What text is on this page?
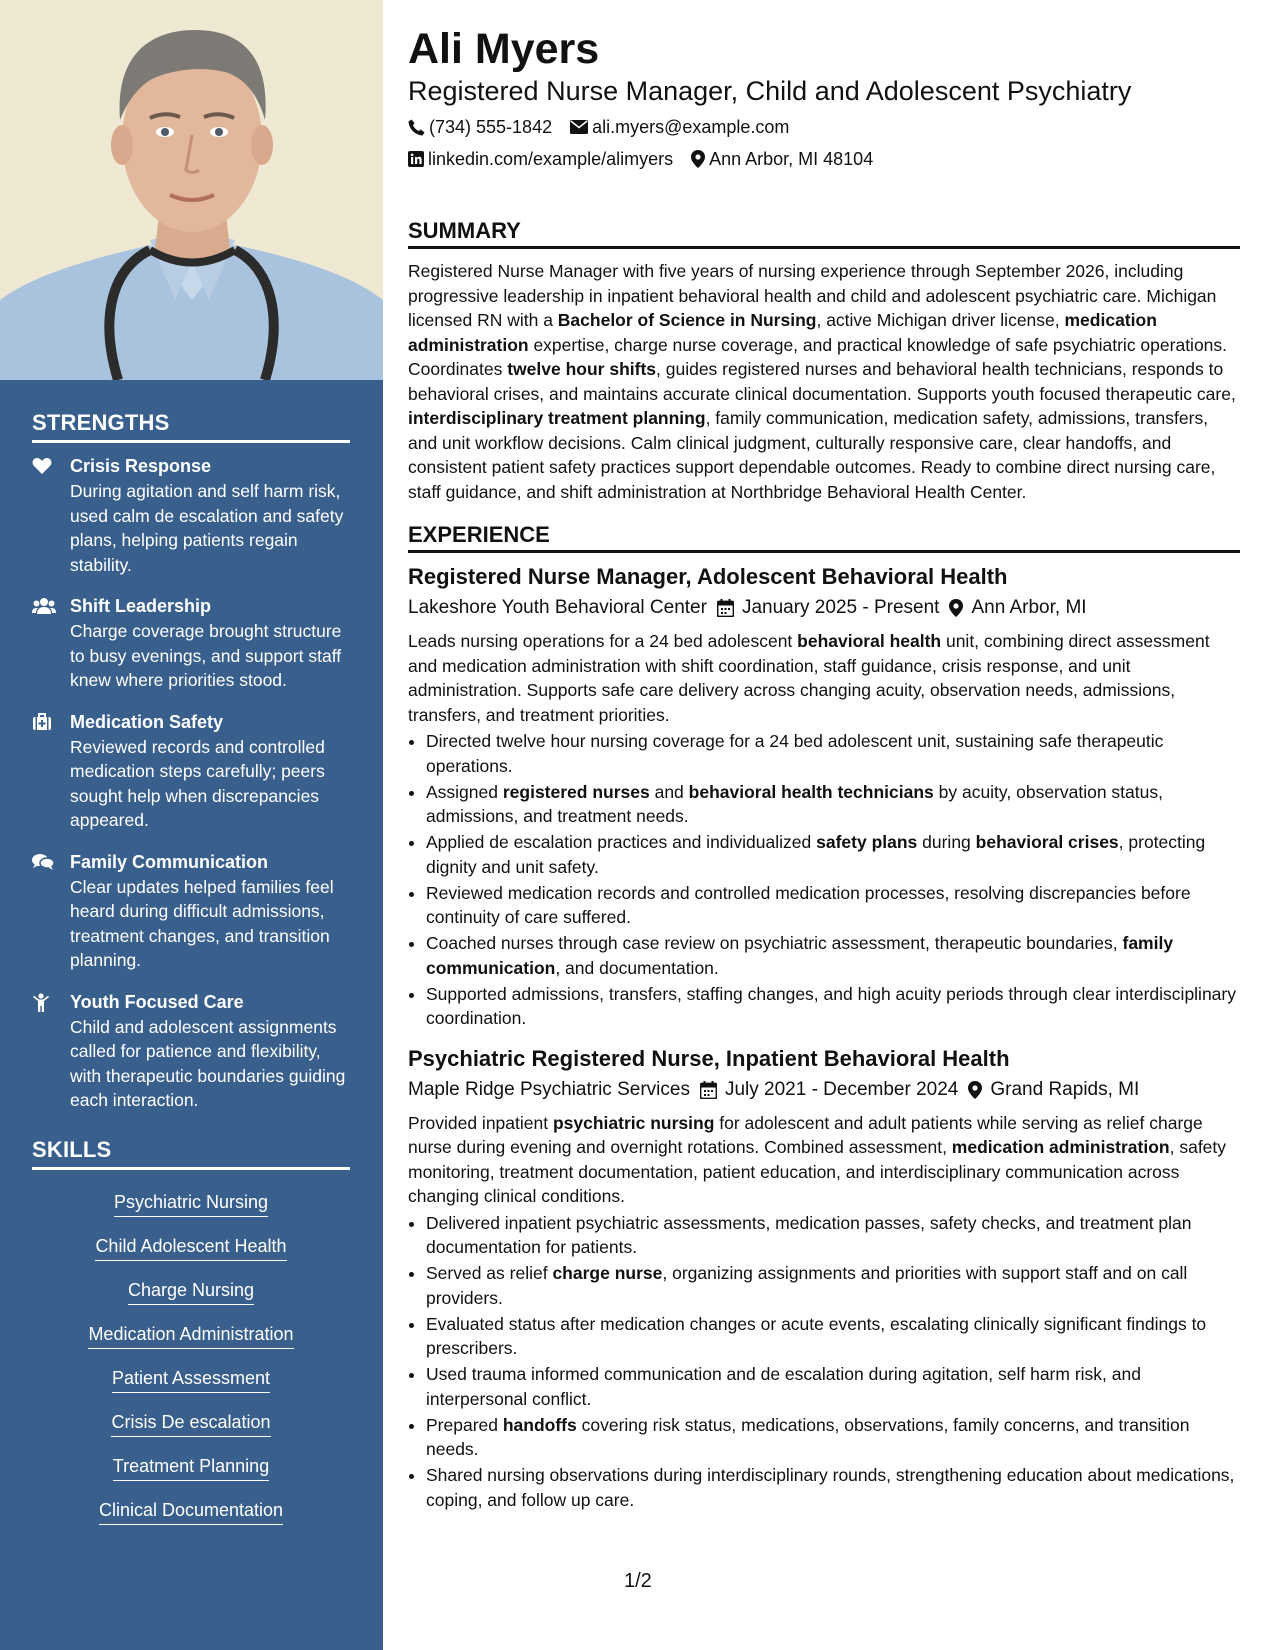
STRENGTHS
Crisis Response
During agitation and self harm risk, used calm de escalation and safety plans, helping patients regain stability.
Shift Leadership
Charge coverage brought structure to busy evenings, and support staff knew where priorities stood.
Medication Safety
Reviewed records and controlled medication steps carefully; peers sought help when discrepancies appeared.
Family Communication
Clear updates helped families feel heard during difficult admissions, treatment changes, and transition planning.
Youth Focused Care
Child and adolescent assignments called for patience and flexibility, with therapeutic boundaries guiding each interaction.
SKILLS
Psychiatric Nursing
Child Adolescent Health
Charge Nursing
Medication Administration
Patient Assessment
Crisis De escalation
Treatment Planning
Clinical Documentation
Ali Myers
Registered Nurse Manager, Child and Adolescent Psychiatry
(734) 555-1842 ali.myers@example.com
linkedin.com/example/alimyers Ann Arbor, MI 48104
SUMMARY

Registered Nurse Manager with five years of nursing experience through September 2026, including progressive leadership in inpatient behavioral health and child and adolescent psychiatric care. Michigan licensed RN with a Bachelor of Science in Nursing, active Michigan driver license, medication administration expertise, charge nurse coverage, and practical knowledge of safe psychiatric operations. Coordinates twelve hour shifts, guides registered nurses and behavioral health technicians, responds to behavioral crises, and maintains accurate clinical documentation. Supports youth focused therapeutic care, interdisciplinary treatment planning, family communication, medication safety, admissions, transfers, and unit workflow decisions. Calm clinical judgment, culturally responsive care, clear handoffs, and consistent patient safety practices support dependable outcomes. Ready to combine direct nursing care, staff guidance, and shift administration at Northbridge Behavioral Health Center.

EXPERIENCE
Registered Nurse Manager, Adolescent Behavioral Health
Lakeshore Youth Behavioral Center January 2025 - Present Ann Arbor, MI

Leads nursing operations for a 24 bed adolescent behavioral health unit, combining direct assessment and medication administration with shift coordination, staff guidance, crisis response, and unit administration. Supports safe care delivery across changing acuity, observation needs, admissions, transfers, and treatment priorities.

• Directed twelve hour nursing coverage for a 24 bed adolescent unit, sustaining safe therapeutic operations.
• Assigned registered nurses and behavioral health technicians by acuity, observation status, admissions, and treatment needs.
• Applied de escalation practices and individualized safety plans during behavioral crises, protecting dignity and unit safety.
• Reviewed medication records and controlled medication processes, resolving discrepancies before continuity of care suffered.
• Coached nurses through case review on psychiatric assessment, therapeutic boundaries, family communication, and documentation.
• Supported admissions, transfers, staffing changes, and high acuity periods through clear interdisciplinary coordination.
Psychiatric Registered Nurse, Inpatient Behavioral Health
Maple Ridge Psychiatric Services July 2021 - December 2024 Grand Rapids, MI

Provided inpatient psychiatric nursing for adolescent and adult patients while serving as relief charge nurse during evening and overnight rotations. Combined assessment, medication administration, safety monitoring, treatment documentation, patient education, and interdisciplinary communication across changing clinical conditions.

• Delivered inpatient psychiatric assessments, medication passes, safety checks, and treatment plan documentation for patients.
• Served as relief charge nurse, organizing assignments and priorities with support staff and on call providers.
• Evaluated status after medication changes or acute events, escalating clinically significant findings to prescribers.
• Used trauma informed communication and de escalation during agitation, self harm risk, and interpersonal conflict.
• Prepared handoffs covering risk status, medications, observations, family concerns, and transition needs.
• Shared nursing observations during interdisciplinary rounds, strengthening education about medications, coping, and follow up care.
1/2
